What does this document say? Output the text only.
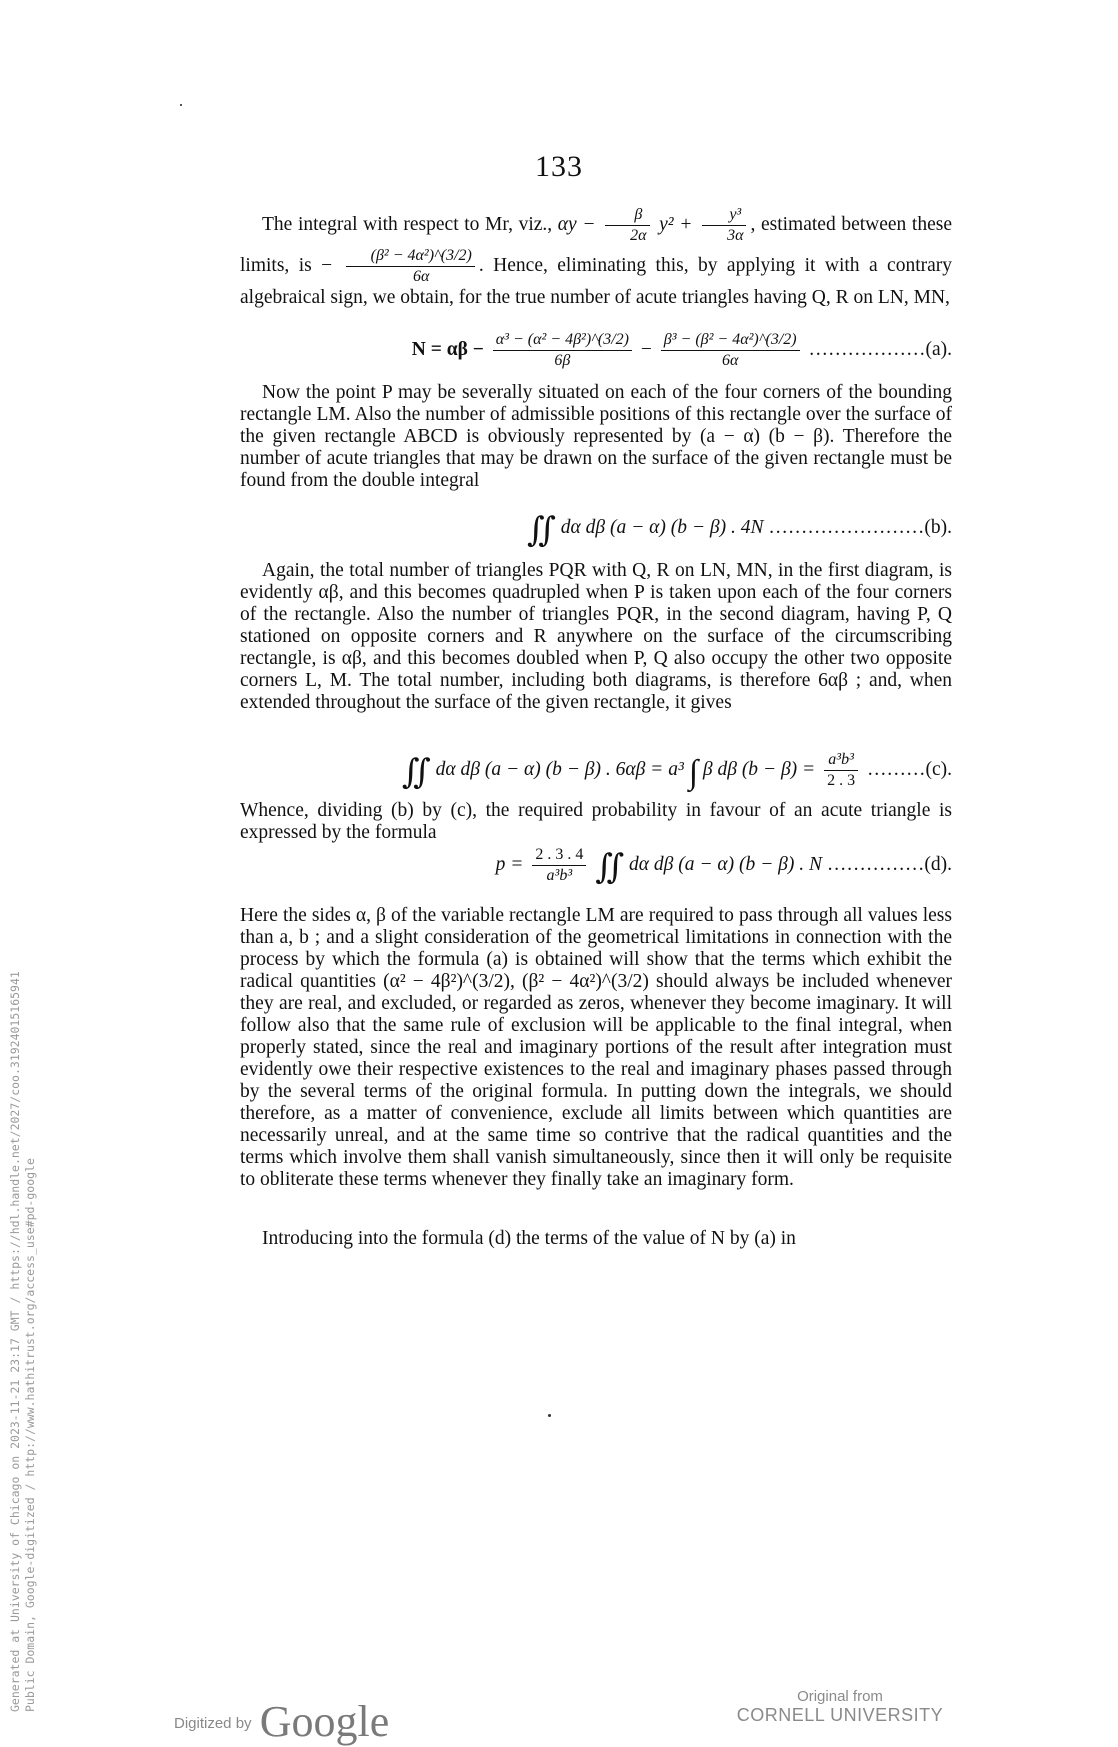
133

The integral with respect to Mr, viz., $\alpha y - \frac{\beta}{2\alpha} y^2 + \frac{\text{y³}}{3\alpha}$ , estimated between these limits, is − $\frac{\text{(β² − 4α²)\textasciicircum{}(3/2)}}{6\alpha}$ . Hence, eliminating this, by applying it with a contrary algebraical sign, we obtain, for the true number of acute triangles having Q, R on LN, MN,

$N = \alpha\beta - \frac{\text{α³ − (α² − 4β²)\textasciicircum{}(3/2)}}{6\beta} - \frac{\text{β³ − (β² − 4α²)\textasciicircum{}(3/2)}}{6\alpha}$ ………………(a).

Now the point P may be severally situated on each of the four corners of the bounding rectangle LM. Also the number of admissible positions of this rectangle over the surface of the given rectangle ABCD is obviously represented by (a − α) (b − β). Therefore the number of acute triangles that may be drawn on the surface of the given rectangle must be found from the double integral

∬ dα dβ (a − α) (b − β) . 4N ……………………(b).

Again, the total number of triangles PQR with Q, R on LN, MN, in the first diagram, is evidently αβ, and this becomes quadrupled when P is taken upon each of the four corners of the rectangle. Also the number of triangles PQR, in the second diagram, having P, Q stationed on opposite corners and R anywhere on the surface of the circumscribing rectangle, is αβ, and this becomes doubled when P, Q also occupy the other two opposite corners L, M. The total number, including both diagrams, is therefore 6αβ ; and, when extended throughout the surface of the given rectangle, it gives

∬ dα dβ (a − α) (b − β) . 6αβ = a³ ∫ β dβ $(b - \beta) = \frac{\text{a³b³}}{2 . 3}$ ………(c).

Whence, dividing (b) by (c), the required probability in favour of an acute triangle is expressed by the formula

$p = \frac{2 . 3 . 4}{\text{a³b³}}$ ∬ dα dβ (a − α) (b − β) . N ……………(d).

Here the sides α, β of the variable rectangle LM are required to pass through all values less than a, b ; and a slight consideration of the geometrical limitations in connection with the process by which the formula (a) is obtained will show that the terms which exhibit the radical quantities (α² − 4β²)^(3/2), (β² − 4α²)^(3/2) should always be included whenever they are real, and excluded, or regarded as zeros, whenever they become imaginary. It will follow also that the same rule of exclusion will be applicable to the final integral, when properly stated, since the real and imaginary portions of the result after integration must evidently owe their respective existences to the real and imaginary phases passed through by the several terms of the original formula. In putting down the integrals, we should therefore, as a matter of convenience, exclude all limits between which quantities are necessarily unreal, and at the same time so contrive that the radical quantities and the terms which involve them shall vanish simultaneously, since then it will only be requisite to obliterate these terms whenever they finally take an imaginary form.

Introducing into the formula (d) the terms of the value of N by (a) in

Generated at University of Chicago on 2023-11-21 23:17 GMT / https://hdl.handle.net/2027/coo.31924015165941 Public Domain, Google-digitized / http://www.hathitrust.org/access_use#pd-google
Digitized by Google
Original from
CORNELL UNIVERSITY
